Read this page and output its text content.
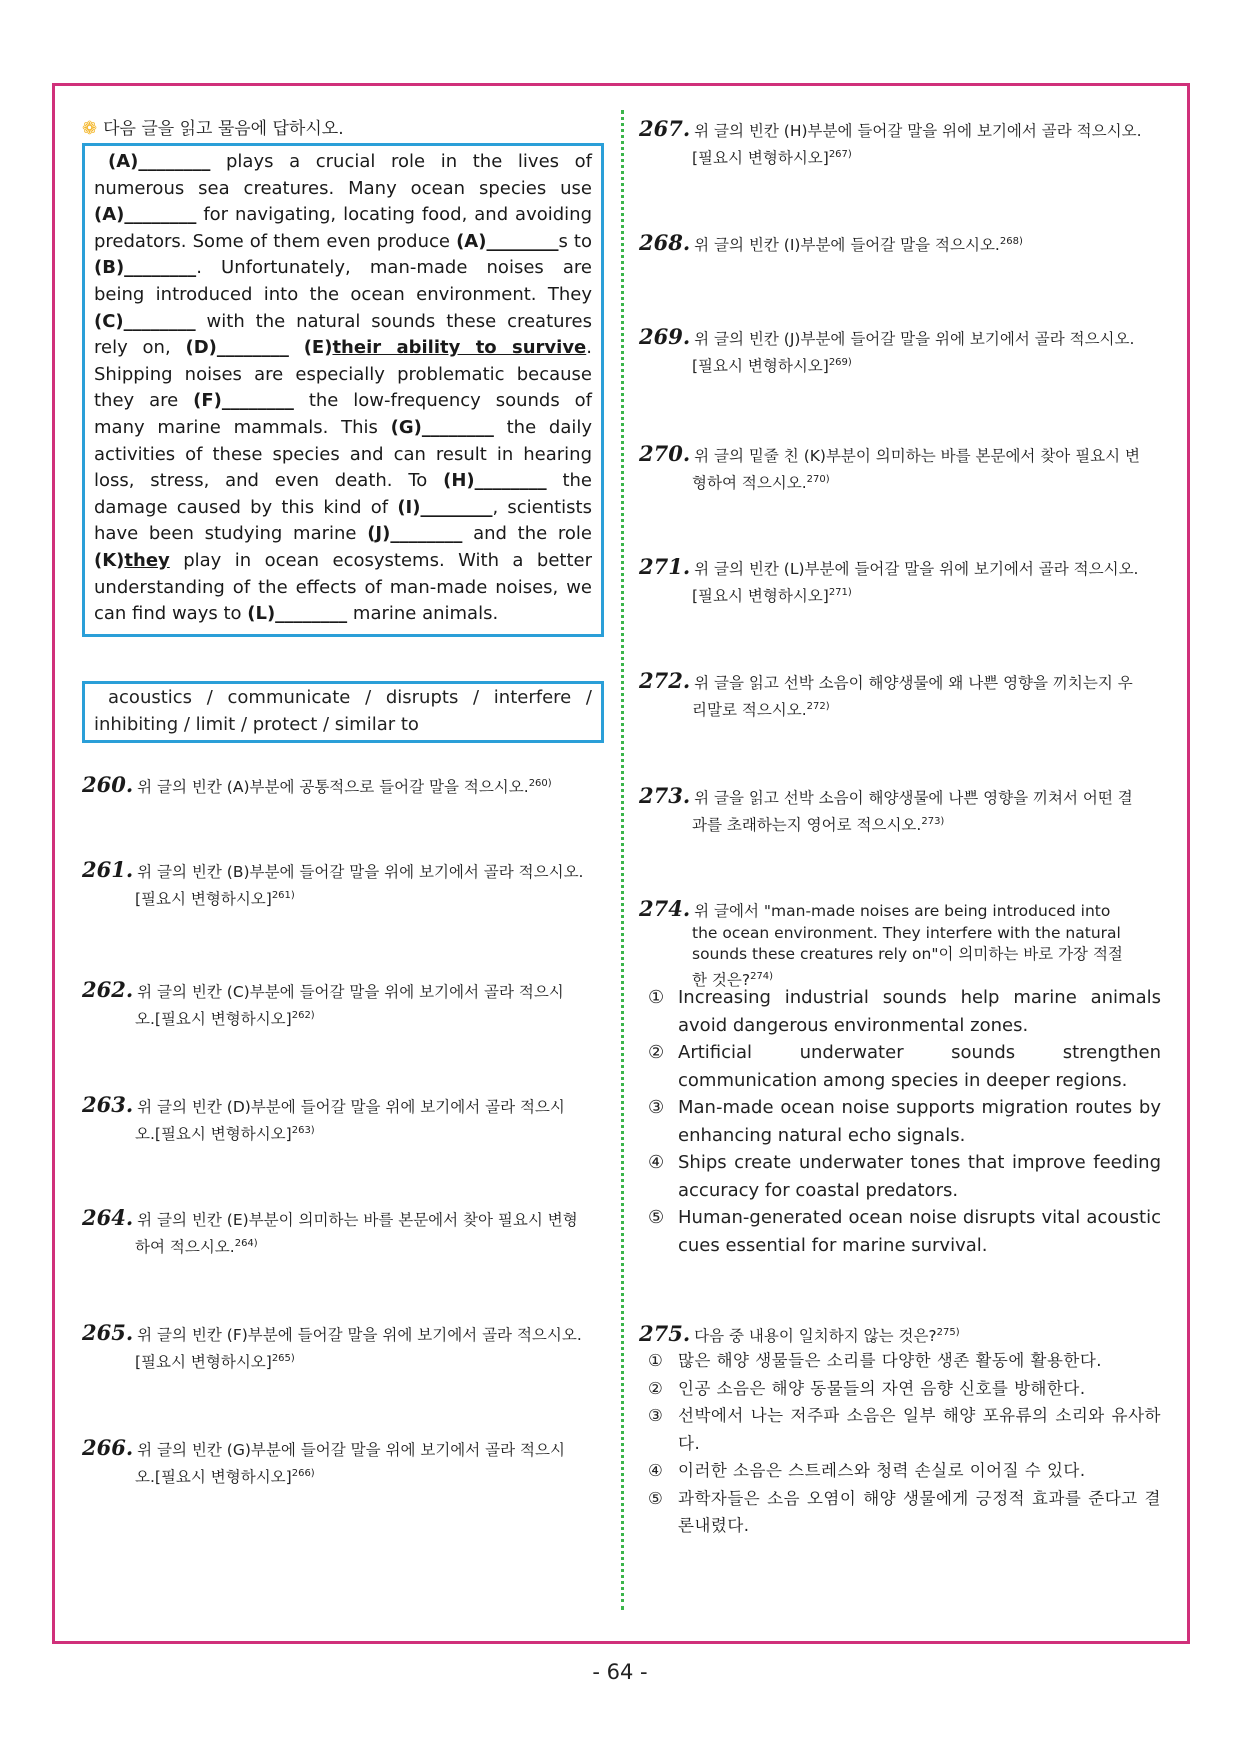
❁ 다음 글을 읽고 물음에 답하시오.
(A)________ plays a crucial role in the lives of numerous sea creatures. Many ocean species use (A)________ for navigating, locating food, and avoiding predators. Some of them even produce (A)________s to (B)________. Unfortunately, man-made noises are being introduced into the ocean environment. They (C)________ with the natural sounds these creatures rely on, (D)________ (E)their ability to survive. Shipping noises are especially problematic because they are (F)________ the low-frequency sounds of many marine mammals. This (G)________ the daily activities of these species and can result in hearing loss, stress, and even death. To (H)________ the damage caused by this kind of (I)________, scientists have been studying marine (J)________ and the role (K)they play in ocean ecosystems. With a better understanding of the effects of man-made noises, we can find ways to (L)________ marine animals.
acoustics / communicate / disrupts / interfere / inhibiting / limit / protect / similar to
260. 위 글의 빈칸 (A)부분에 공통적으로 들어갈 말을 적으시오.$^{260)}$
261. 위 글의 빈칸 (B)부분에 들어갈 말을 위에 보기에서 골라 적으시오.
[필요시 변형하시오]$^{261)}$
262. 위 글의 빈칸 (C)부분에 들어갈 말을 위에 보기에서 골라 적으시
오.[필요시 변형하시오]$^{262)}$
263. 위 글의 빈칸 (D)부분에 들어갈 말을 위에 보기에서 골라 적으시
오.[필요시 변형하시오]$^{263)}$
264. 위 글의 빈칸 (E)부분이 의미하는 바를 본문에서 찾아 필요시 변형
하여 적으시오.$^{264)}$
265. 위 글의 빈칸 (F)부분에 들어갈 말을 위에 보기에서 골라 적으시오.
[필요시 변형하시오]$^{265)}$
266. 위 글의 빈칸 (G)부분에 들어갈 말을 위에 보기에서 골라 적으시
오.[필요시 변형하시오]$^{266)}$
267. 위 글의 빈칸 (H)부분에 들어갈 말을 위에 보기에서 골라 적으시오.
[필요시 변형하시오]$^{267)}$
268. 위 글의 빈칸 (I)부분에 들어갈 말을 적으시오.$^{268)}$
269. 위 글의 빈칸 (J)부분에 들어갈 말을 위에 보기에서 골라 적으시오.
[필요시 변형하시오]$^{269)}$
270. 위 글의 밑줄 친 (K)부분이 의미하는 바를 본문에서 찾아 필요시 변
형하여 적으시오.$^{270)}$
271. 위 글의 빈칸 (L)부분에 들어갈 말을 위에 보기에서 골라 적으시오.
[필요시 변형하시오]$^{271)}$
272. 위 글을 읽고 선박 소음이 해양생물에 왜 나쁜 영향을 끼치는지 우
리말로 적으시오.$^{272)}$
273. 위 글을 읽고 선박 소음이 해양생물에 나쁜 영향을 끼쳐서 어떤 결
과를 초래하는지 영어로 적으시오.$^{273)}$
274. 위 글에서 "man-made noises are being introduced into
the ocean environment. They interfere with the natural
sounds these creatures rely on"이 의미하는 바로 가장 적절
한 것은?$^{274)}$
① Increasing industrial sounds help marine animals avoid dangerous environmental zones.
② Artificial underwater sounds strengthen communication among species in deeper regions.
③ Man-made ocean noise supports migration routes by enhancing natural echo signals.
④ Ships create underwater tones that improve feeding accuracy for coastal predators.
⑤ Human-generated ocean noise disrupts vital acoustic cues essential for marine survival.
275. 다음 중 내용이 일치하지 않는 것은?$^{275)}$
① 많은 해양 생물들은 소리를 다양한 생존 활동에 활용한다.
② 인공 소음은 해양 동물들의 자연 음향 신호를 방해한다.
③ 선박에서 나는 저주파 소음은 일부 해양 포유류의 소리와 유사하다.
④ 이러한 소음은 스트레스와 청력 손실로 이어질 수 있다.
⑤ 과학자들은 소음 오염이 해양 생물에게 긍정적 효과를 준다고 결론내렸다.
- 64 -
